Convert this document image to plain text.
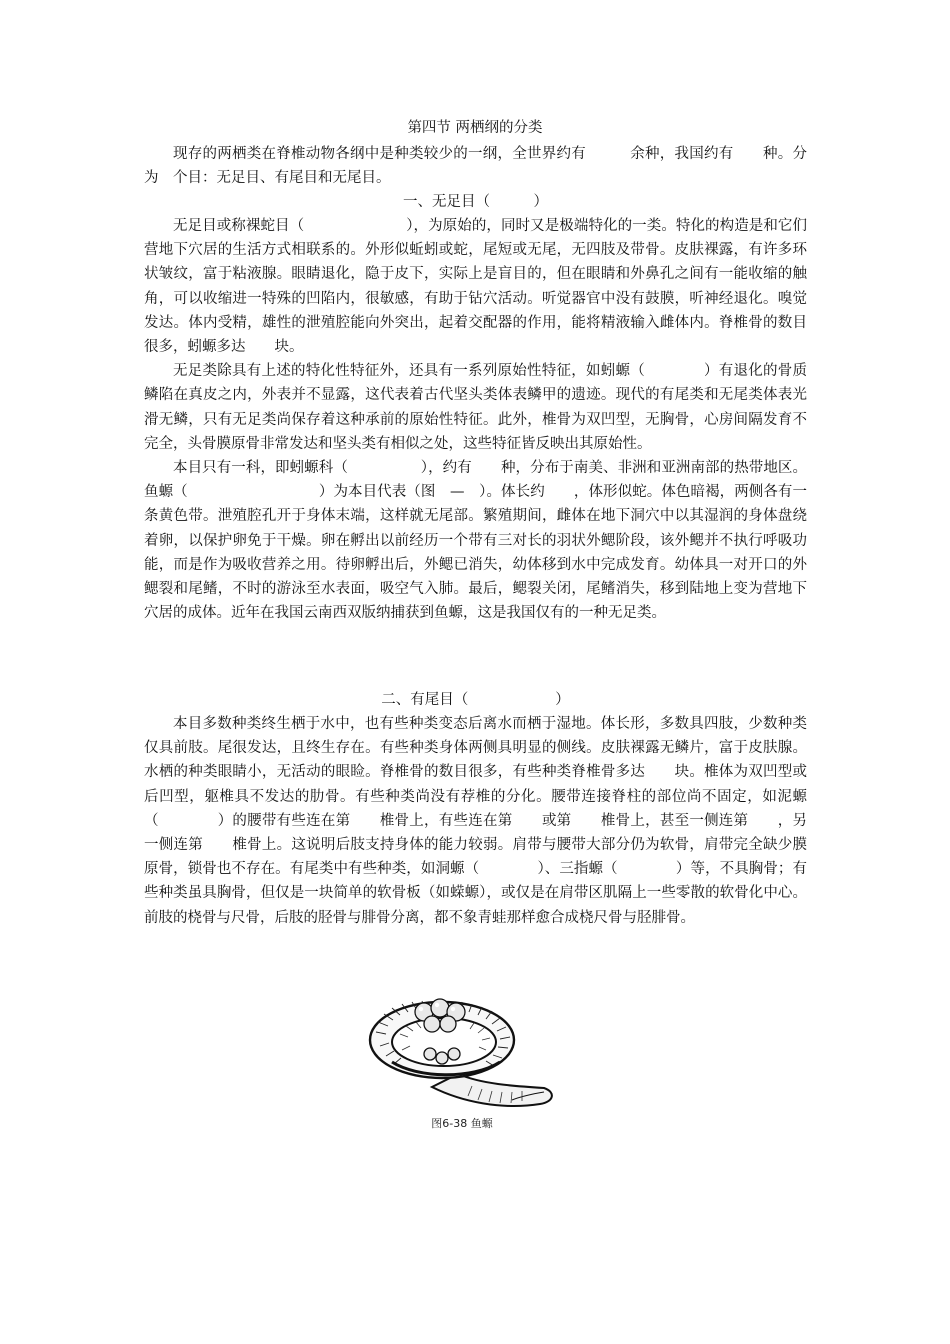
第四节 两栖纲的分类

现存的两栖类在脊椎动物各纲中是种类较少的一纲，全世界约有　　　余种，我国约有　　种。分为　个目：无足目、有尾目和无尾目。

一、无足目（　　　）

无足目或称裸蛇目（　　　　　　　），为原始的，同时又是极端特化的一类。特化的构造是和它们营地下穴居的生活方式相联系的。外形似蚯蚓或蛇，尾短或无尾，无四肢及带骨。皮肤裸露，有许多环状皱纹，富于粘液腺。眼睛退化，隐于皮下，实际上是盲目的，但在眼睛和外鼻孔之间有一能收缩的触角，可以收缩进一特殊的凹陷内，很敏感，有助于钻穴活动。听觉器官中没有鼓膜，听神经退化。嗅觉发达。体内受精，雄性的泄殖腔能向外突出，起着交配器的作用，能将精液输入雌体内。脊椎骨的数目很多，蚓螈多达　　块。

无足类除具有上述的特化性特征外，还具有一系列原始性特征，如蚓螈（　　　　）有退化的骨质鳞陷在真皮之内，外表并不显露，这代表着古代坚头类体表鳞甲的遗迹。现代的有尾类和无尾类体表光滑无鳞，只有无足类尚保存着这种承前的原始性特征。此外，椎骨为双凹型，无胸骨，心房间隔发育不完全，头骨膜原骨非常发达和坚头类有相似之处，这些特征皆反映出其原始性。

本目只有一科，即蚓螈科（　　　　　），约有　　种，分布于南美、非洲和亚洲南部的热带地区。鱼螈（　　　　　　　　　）为本目代表（图　—　）。体长约　　，体形似蛇。体色暗褐，两侧各有一条黄色带。泄殖腔孔开于身体末端，这样就无尾部。繁殖期间，雌体在地下洞穴中以其湿润的身体盘绕着卵，以保护卵免于干燥。卵在孵出以前经历一个带有三对长的羽状外鳃阶段，该外鳃并不执行呼吸功能，而是作为吸收营养之用。待卵孵出后，外鳃已消失，幼体移到水中完成发育。幼体具一对开口的外鳃裂和尾鳍，不时的游泳至水表面，吸空气入肺。最后，鳃裂关闭，尾鳍消失，移到陆地上变为营地下穴居的成体。近年在我国云南西双版纳捕获到鱼螈，这是我国仅有的一种无足类。

二、有尾目（　　　　　　）

本目多数种类终生栖于水中，也有些种类变态后离水而栖于湿地。体长形，多数具四肢，少数种类仅具前肢。尾很发达，且终生存在。有些种类身体两侧具明显的侧线。皮肤裸露无鳞片，富于皮肤腺。水栖的种类眼睛小，无活动的眼睑。脊椎骨的数目很多，有些种类脊椎骨多达　　块。椎体为双凹型或后凹型，躯椎具不发达的肋骨。有些种类尚没有荐椎的分化。腰带连接脊柱的部位尚不固定，如泥螈（　　　　）的腰带有些连在第　　椎骨上，有些连在第　　或第　　椎骨上，甚至一侧连第　　，另一侧连第　　椎骨上。这说明后肢支持身体的能力较弱。肩带与腰带大部分仍为软骨，肩带完全缺少膜原骨，锁骨也不存在。有尾类中有些种类，如洞螈（　　　　）、三指螈（　　　　）等，不具胸骨；有些种类虽具胸骨，但仅是一块简单的软骨板（如蝾螈），或仅是在肩带区肌隔上一些零散的软骨化中心。前肢的桡骨与尺骨，后肢的胫骨与腓骨分离，都不象青蛙那样愈合成桡尺骨与胫腓骨。

图6-38 鱼螈
